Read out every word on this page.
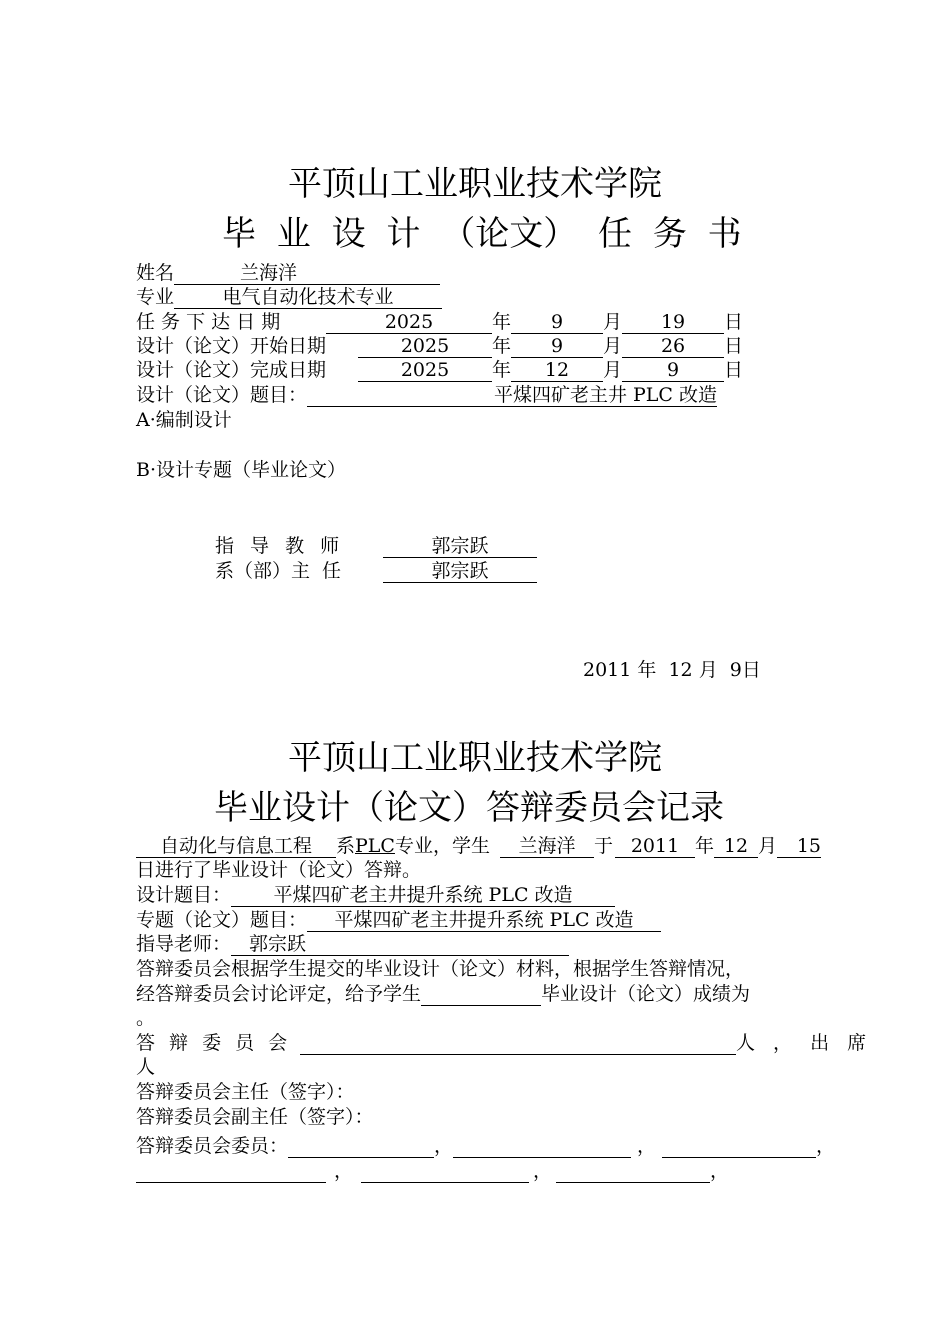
平顶山工业职业技术学院
毕 业 设 计 （论文） 任 务 书
姓名	兰海洋
专业	电气自动化技术专业
任 务 下 达 日 期	2025	年 9 月 19 日
设计（论文）开始日期	2025 年 9 月 26 日
设计（论文）完成日期	2025 年 12 月 9 日
设计（论文）题目：	平煤四矿老主井 PLC 改造
A·编制设计
B·设计专题（毕业论文）
指 导 教 师	郭宗跃
系（部）主 任	郭宗跃
2011 年  12 月  9日
平顶山工业职业技术学院
毕业设计（论文）答辩委员会记录
自动化与信息工程 系PLC专业，学生 兰海洋 于 2011 年 12 月 15
日进行了毕业设计（论文）答辩。
设计题目： 平煤四矿老主井提升系统 PLC 改造
专题（论文）题目： 平煤四矿老主井提升系统 PLC 改造
指导老师： 郭宗跃
答辩委员会根据学生提交的毕业设计（论文）材料，根据学生答辩情况，
经答辩委员会讨论评定，给予学生	毕业设计（论文）成绩为
。
答 辩 委 员 会	人 ， 出 席
人
答辩委员会主任（签字）：
答辩委员会副主任（签字）：
答辩委员会委员：	，	，	，
，	，	，
